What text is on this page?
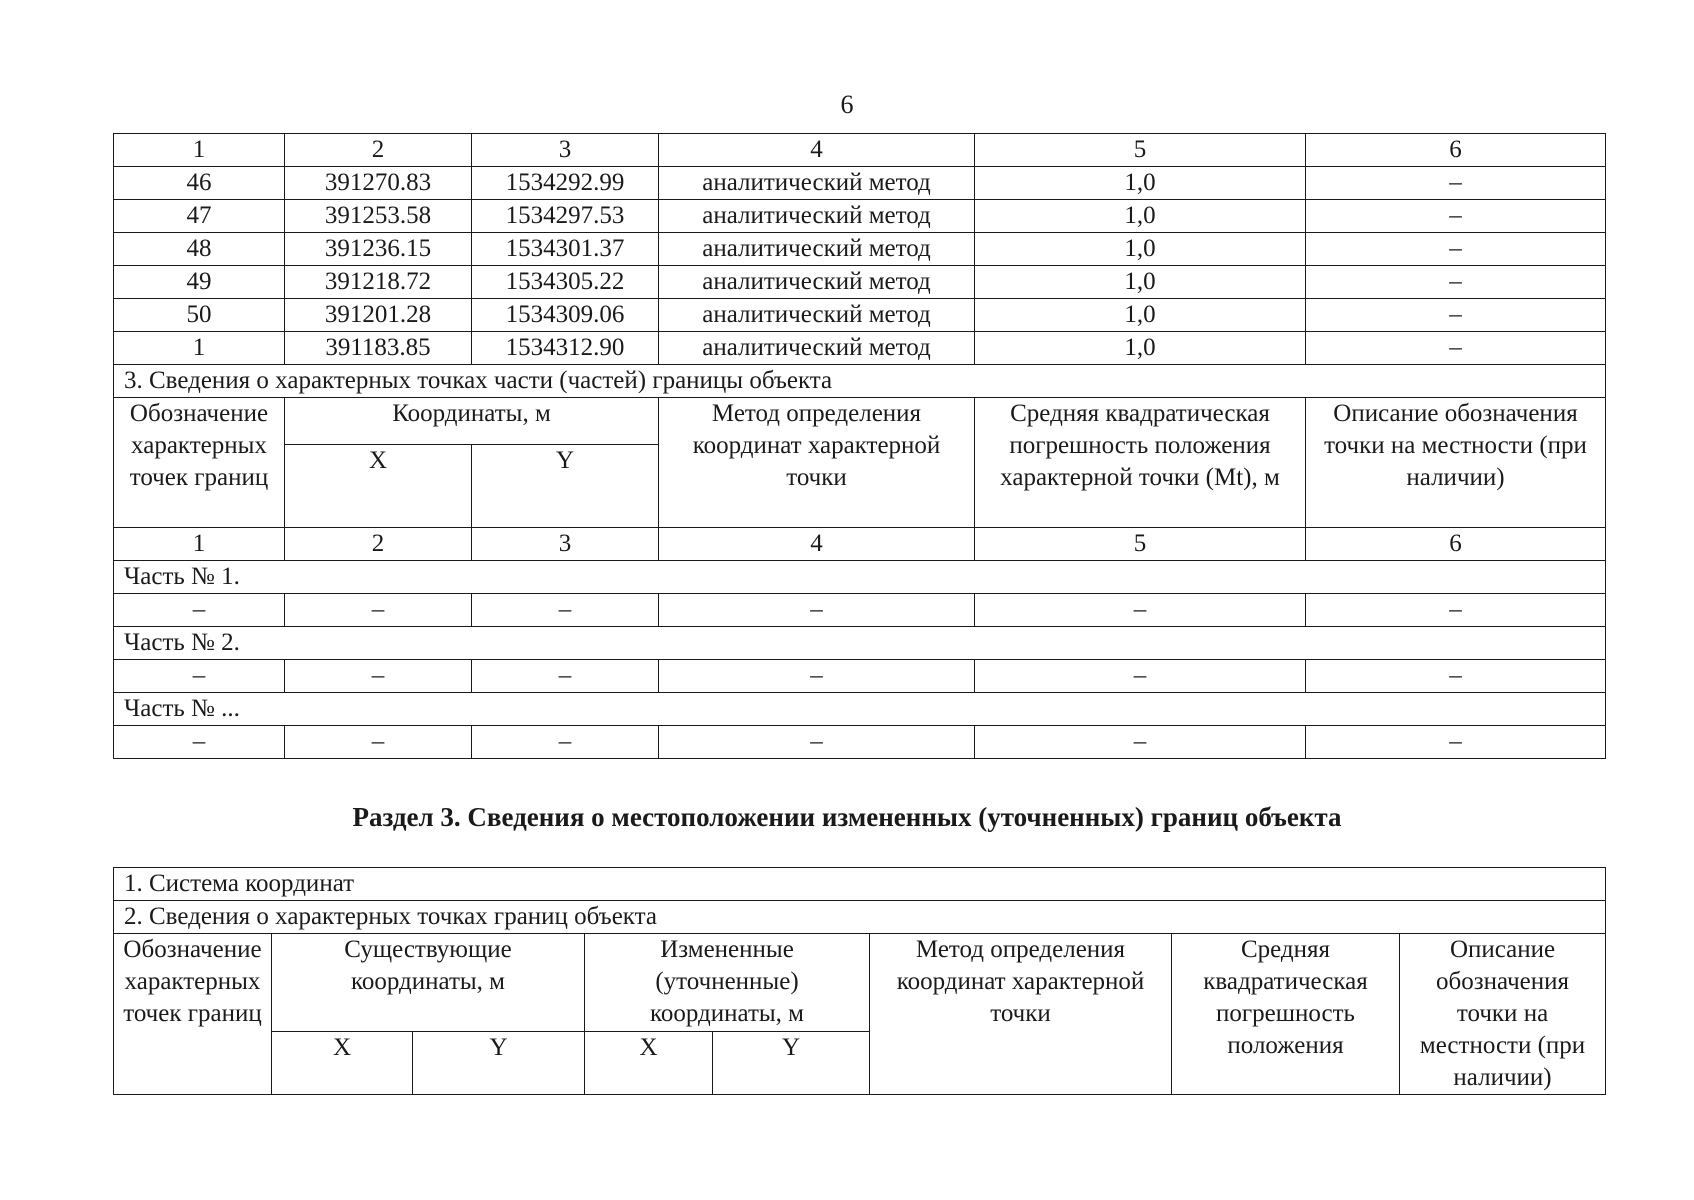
6
1	2	3	4	5	6
46	391270.83	1534292.99	аналитический метод	1,0	–
47	391253.58	1534297.53	аналитический метод	1,0	–
48	391236.15	1534301.37	аналитический метод	1,0	–
49	391218.72	1534305.22	аналитический метод	1,0	–
50	391201.28	1534309.06	аналитический метод	1,0	–
1	391183.85	1534312.90	аналитический метод	1,0	–
3. Сведения о характерных точках части (частей) границы объекта					
Обозначение характерных точек границ	Координаты, м		Метод определения координат характерной точки	Средняя квадратическая погрешность положения характерной точки (Mt), м	Описание обозначения точки на местности (при наличии)
	X	Y			
1	2	3	4	5	6
Часть № 1.					
–	–	–	–	–	–
Часть № 2.					
–	–	–	–	–	–
Часть № ...					
–	–	–	–	–	–
Раздел 3. Сведения о местоположении измененных (уточненных) границ объекта
1. Система координат							
2. Сведения о характерных точках границ объекта							
Обозначение характерных точек границ	Существующие координаты, м		Измененные (уточненные) координаты, м		Метод определения координат характерной точки	Средняя квадратическая погрешность положения	Описание обозначения точки на местности (при наличии)
	X	Y	X	Y			
